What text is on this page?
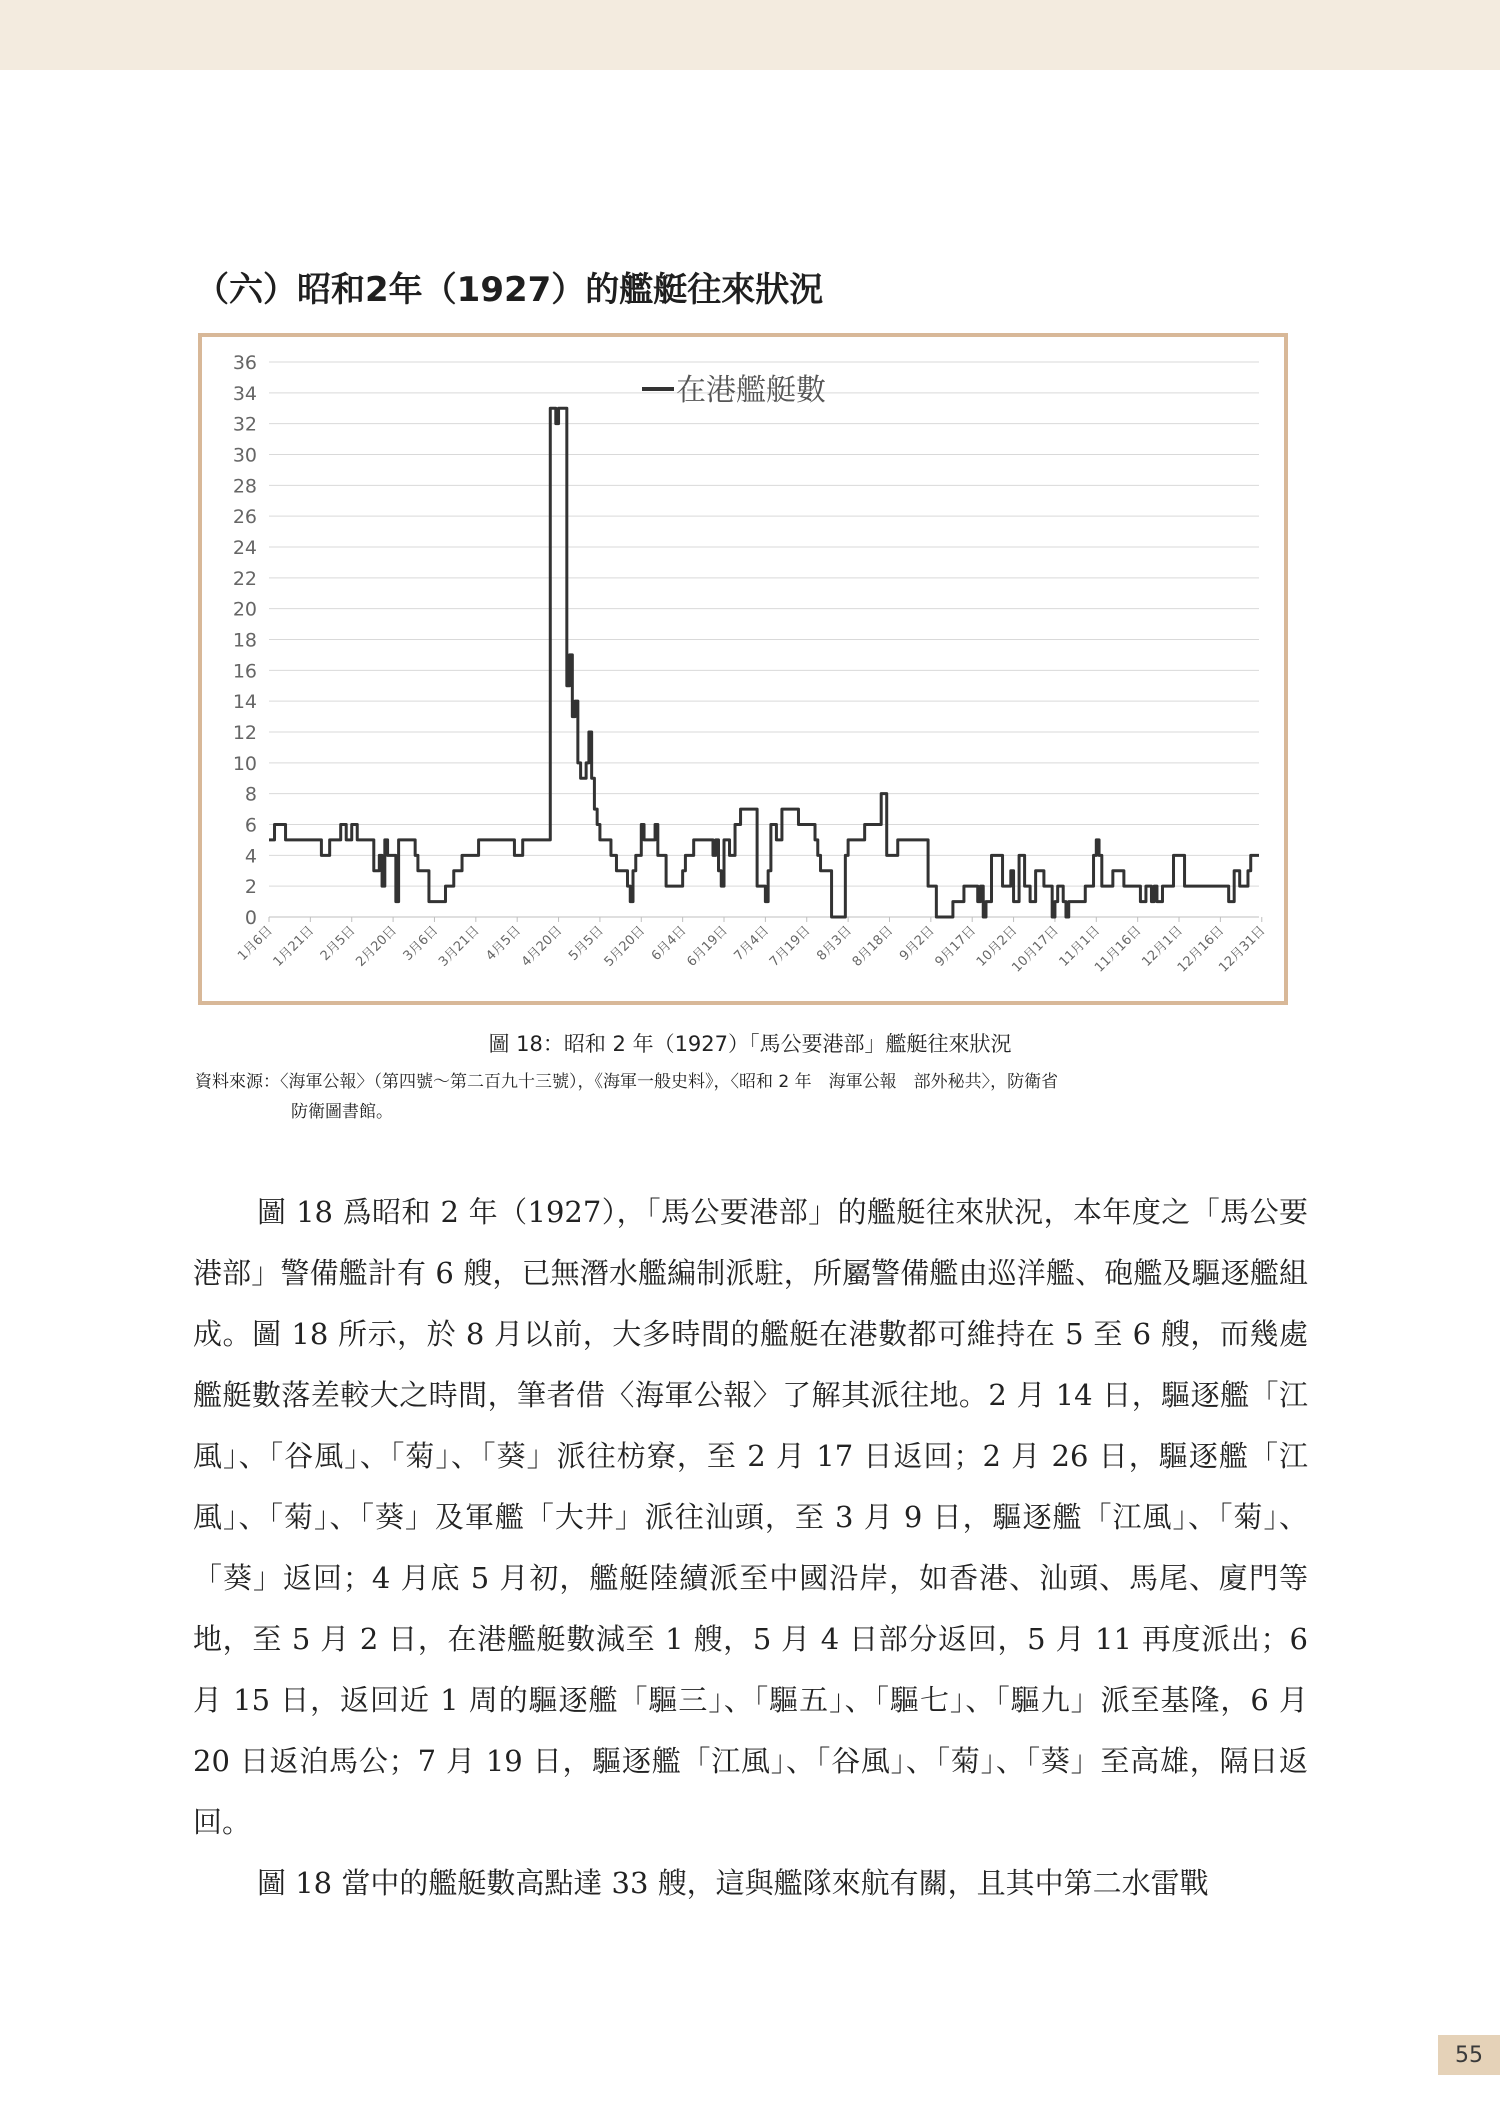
（六）昭和2年（1927）的艦艇往來狀況
0
2
4
6
8
10
12
14
16
18
20
22
24
26
28
30
32
34
36
1月6日
1月21日 2月5日
2月20日 3月6日
3月21日 4月5日
4月20日 5月5日
5月20日 6月4日
6月19日 7月4日
7月19日 8月3日
8月18日 9月2日
9月17日
10月2日
10月17日
11月1日
11月16日
12月1日
12月16日
12月31日
在港艦艇數
圖 18：昭和 2 年（1927）「馬公要港部」艦艇往來狀況
資料來源：〈海軍公報〉（第四號～第二百九十三號），《海軍一般史料》，〈昭和 2 年　海軍公報　部外秘共〉，防衛省
防衛圖書館。

圖 18 爲昭和 2 年（1927），「馬公要港部」的艦艇往來狀況，本年度之「馬公要港部」警備艦計有 6 艘，已無潛水艦編制派駐，所屬警備艦由巡洋艦、砲艦及驅逐艦組成。圖 18 所示，於 8 月以前，大多時間的艦艇在港數都可維持在 5 至 6 艘，而幾處艦艇數落差較大之時間，筆者借〈海軍公報〉了解其派往地。2 月 14 日，驅逐艦「江風」、「谷風」、「菊」、「葵」派往枋寮，至 2 月 17 日返回；2 月 26 日，驅逐艦「江風」、「菊」、「葵」及軍艦「大井」派往汕頭，至 3 月 9 日，驅逐艦「江風」、「菊」、「葵」返回；4 月底 5 月初，艦艇陸續派至中國沿岸，如香港、汕頭、馬尾、廈門等地，至 5 月 2 日，在港艦艇數減至 1 艘，5 月 4 日部分返回，5 月 11 再度派出；6 月 15 日，返回近 1 周的驅逐艦「驅三」、「驅五」、「驅七」、「驅九」派至基隆，6 月 20 日返泊馬公；7 月 19 日，驅逐艦「江風」、「谷風」、「菊」、「葵」至高雄，隔日返回。

圖 18 當中的艦艇數高點達 33 艘，這與艦隊來航有關，且其中第二水雷戰

55
